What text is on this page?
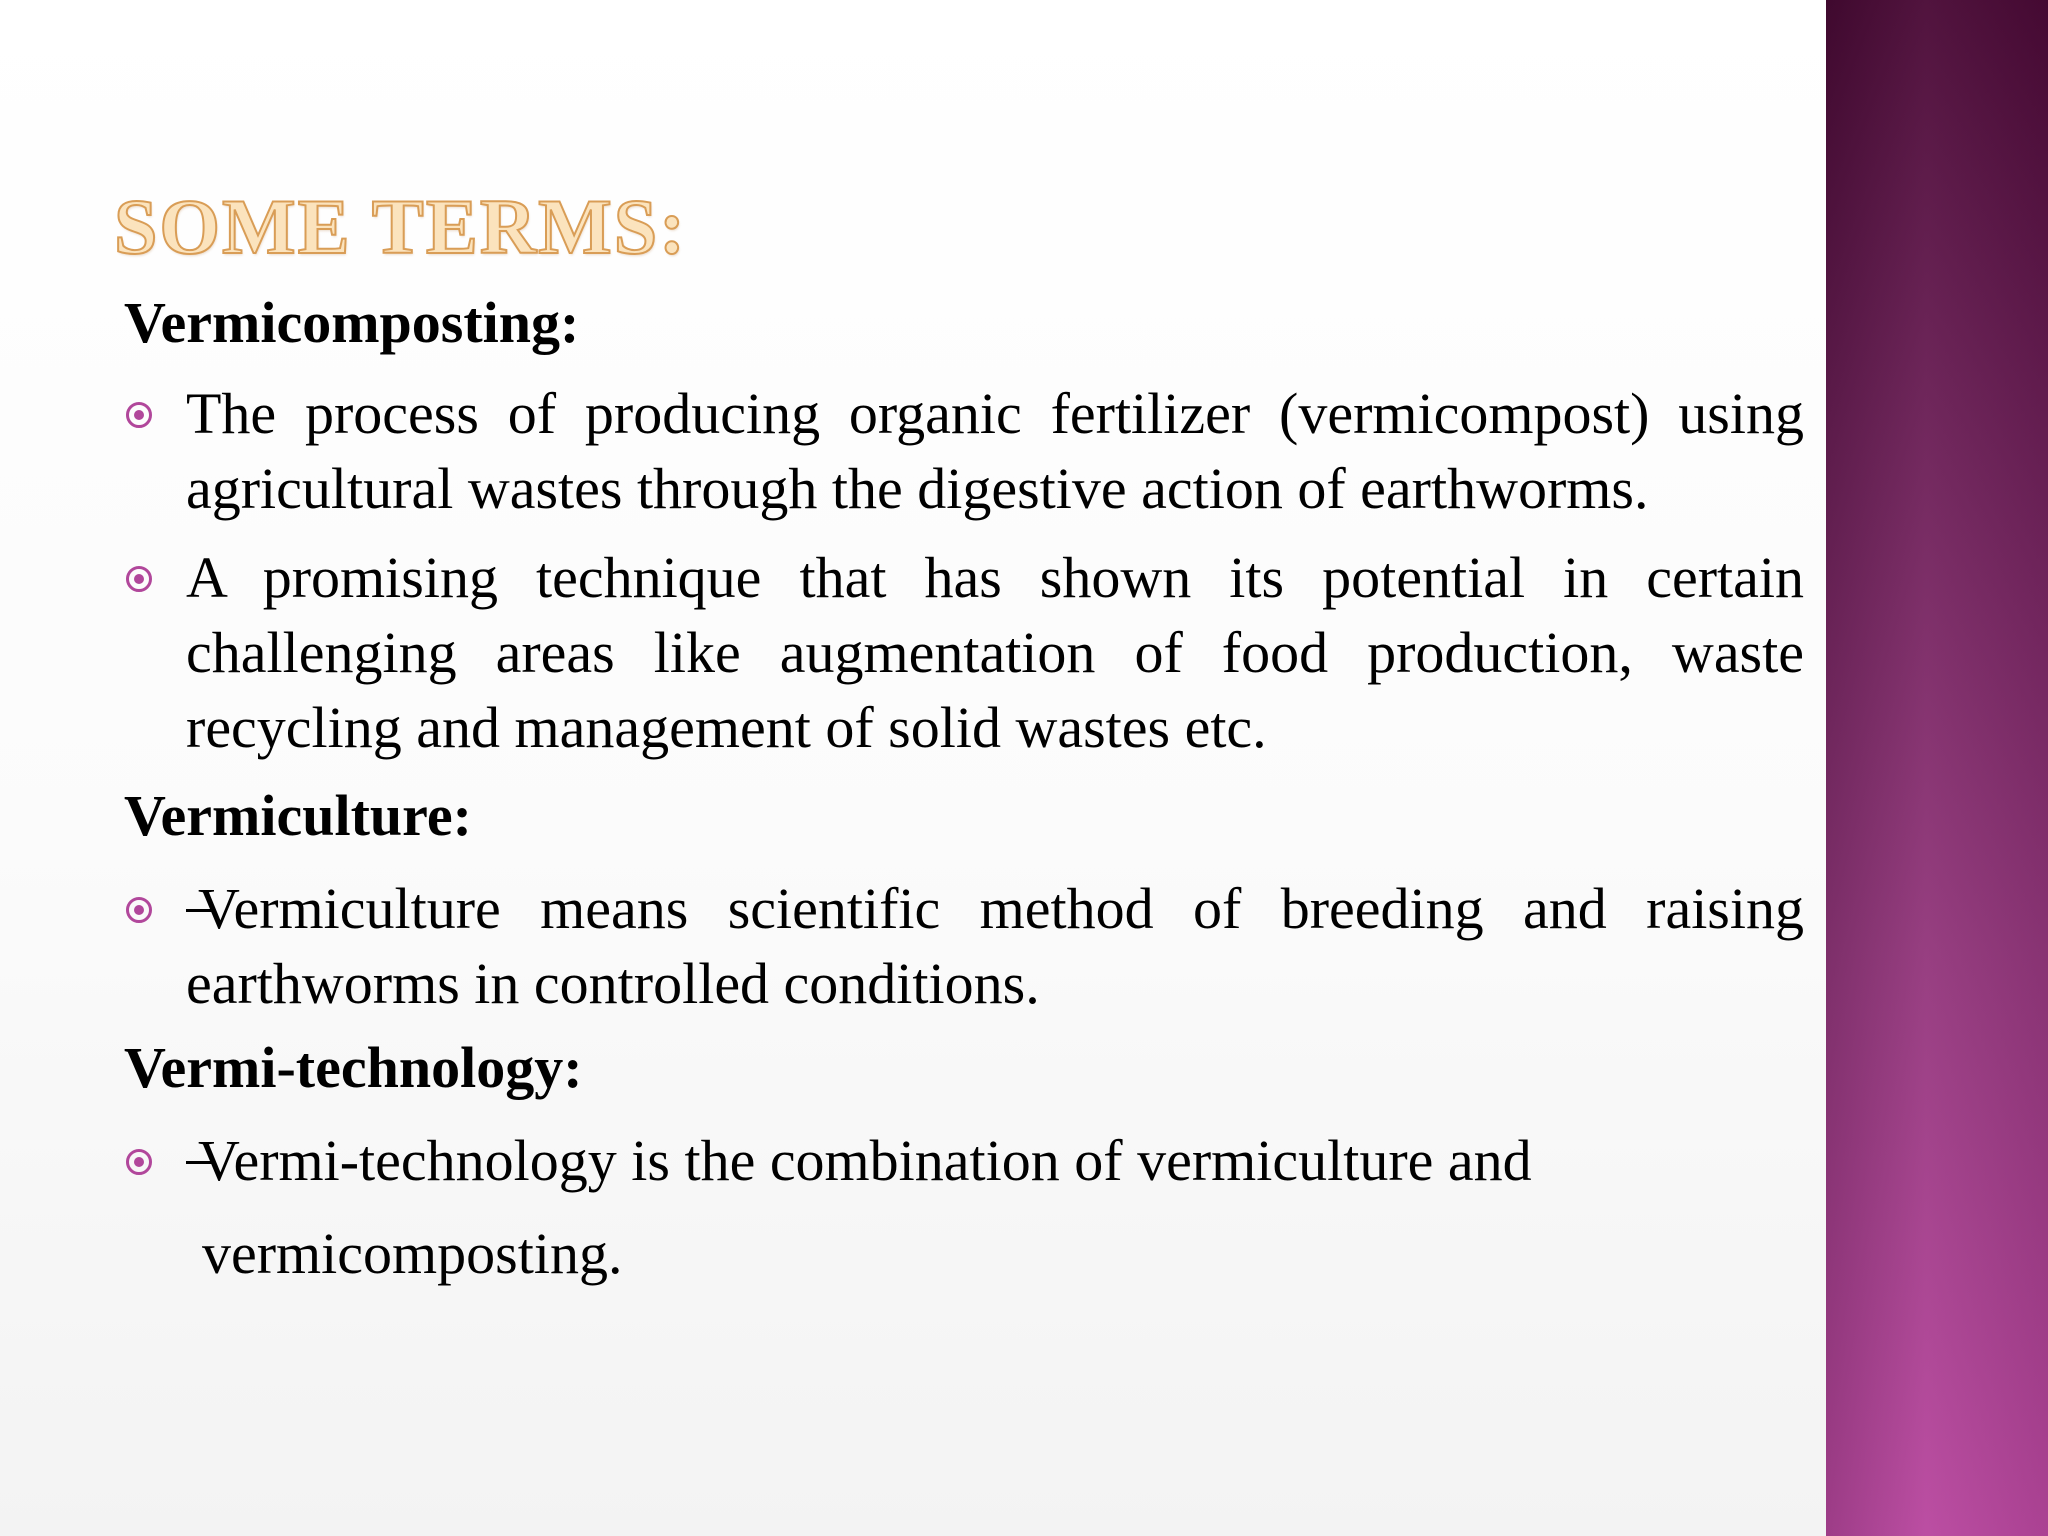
SOME TERMS:

Vermicomposting:

The process of producing organic fertilizer (vermicompost) using agricultural wastes through the digestive action of earthworms.
A promising technique that has shown its potential in certain challenging areas like augmentation of food production, waste recycling and management of solid wastes etc.

Vermiculture:

Vermiculture means scientific method of breeding and raising earthworms in controlled conditions.

Vermi-technology:

Vermi-technology is the combination of vermiculture and
vermicomposting.
